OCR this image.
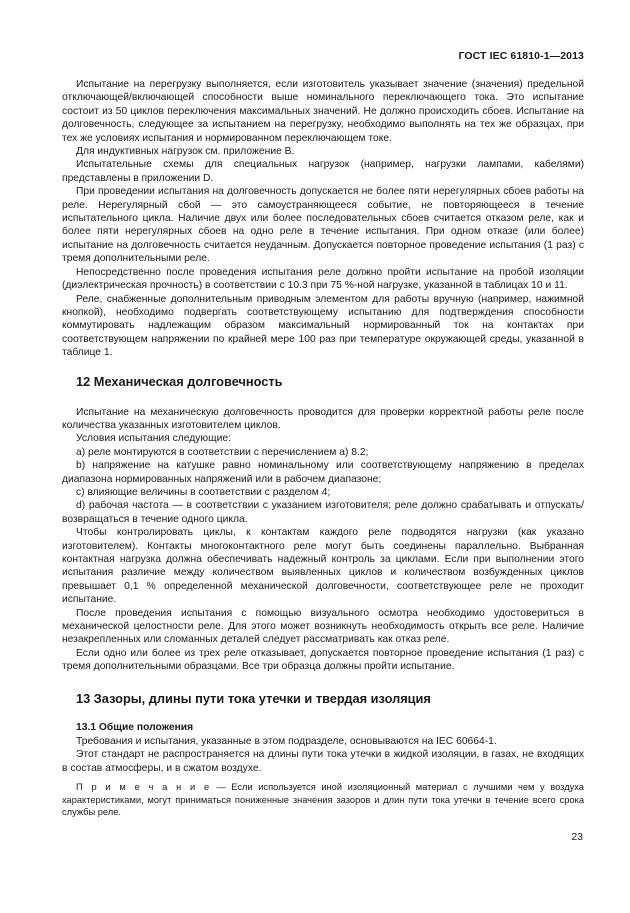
ГОСТ IEC 61810-1—2013

Испытание на перегрузку выполняется, если изготовитель указывает значение (значения) предельной отключающей/включающей способности выше номинального переключающего тока. Это испытание состоит из 50 циклов переключения максимальных значений. Не должно происходить сбоев. Испытание на долговечность, следующее за испытанием на перегрузку, необходимо выполнять на тех же образцах, при тех же условиях испытания и нормированном переключающем токе.

Для индуктивных нагрузок см. приложение В.

Испытательные схемы для специальных нагрузок (например, нагрузки лампами, кабелями) представлены в приложении D.

При проведении испытания на долговечность допускается не более пяти нерегулярных сбоев работы на реле. Нерегулярный сбой — это самоустраняющееся событие, не повторяющееся в течение испытательного цикла. Наличие двух или более последовательных сбоев считается отказом реле, как и более пяти нерегулярных сбоев на одно реле в течение испытания. При одном отказе (или более) испытание на долговечность считается неудачным. Допускается повторное проведение испытания (1 раз) с тремя дополнительными реле.

Непосредственно после проведения испытания реле должно пройти испытание на пробой изоляции (диэлектрическая прочность) в соответствии с 10.3 при 75 %-ной нагрузке, указанной в таблицах 10 и 11.

Реле, снабженные дополнительным приводным элементом для работы вручную (например, нажимной кнопкой), необходимо подвергать соответствующему испытанию для подтверждения способности коммутировать надлежащим образом максимальный нормированный ток на контактах при соответствующем напряжении по крайней мере 100 раз при температуре окружающей среды, указанной в таблице 1.

12 Механическая долговечность

Испытание на механическую долговечность проводится для проверки корректной работы реле после количества указанных изготовителем циклов.

Условия испытания следующие:

а) реле монтируются в соответствии с перечислением а) 8.2;

b) напряжение на катушке равно номинальному или соответствующему напряжению в пределах диапазона нормированных напряжений или в рабочем диапазоне;

с) влияющие величины в соответствии с разделом 4;

d) рабочая частота — в соответствии с указанием изготовителя; реле должно срабатывать и отпускать/возвращаться в течение одного цикла.

Чтобы контролировать циклы, к контактам каждого реле подводятся нагрузки (как указано изготовителем). Контакты многоконтактного реле могут быть соединены параллельно. Выбранная контактная нагрузка должна обеспечивать надежный контроль за циклами. Если при выполнении этого испытания различие между количеством выявленных циклов и количеством возбужденных циклов превышает 0,1 % определенной механической долговечности, соответствующее реле не проходит испытание.

После проведения испытания с помощью визуального осмотра необходимо удостовериться в механической целостности реле. Для этого может возникнуть необходимость открыть все реле. Наличие незакрепленных или сломанных деталей следует рассматривать как отказ реле.

Если одно или более из трех реле отказывает, допускается повторное проведение испытания (1 раз) с тремя дополнительными образцами. Все три образца должны пройти испытание.

13 Зазоры, длины пути тока утечки и твердая изоляция
13.1 Общие положения

Требования и испытания, указанные в этом подразделе, основываются на IEC 60664-1.

Этот стандарт не распространяется на длины пути тока утечки в жидкой изоляции, в газах, не входящих в состав атмосферы, и в сжатом воздухе.

П р и м е ч а н и е — Если используется иной изоляционный материал с лучшими чем у воздуха характеристиками, могут приниматься пониженные значения зазоров и длин пути тока утечки в течение всего срока службы реле.

23
